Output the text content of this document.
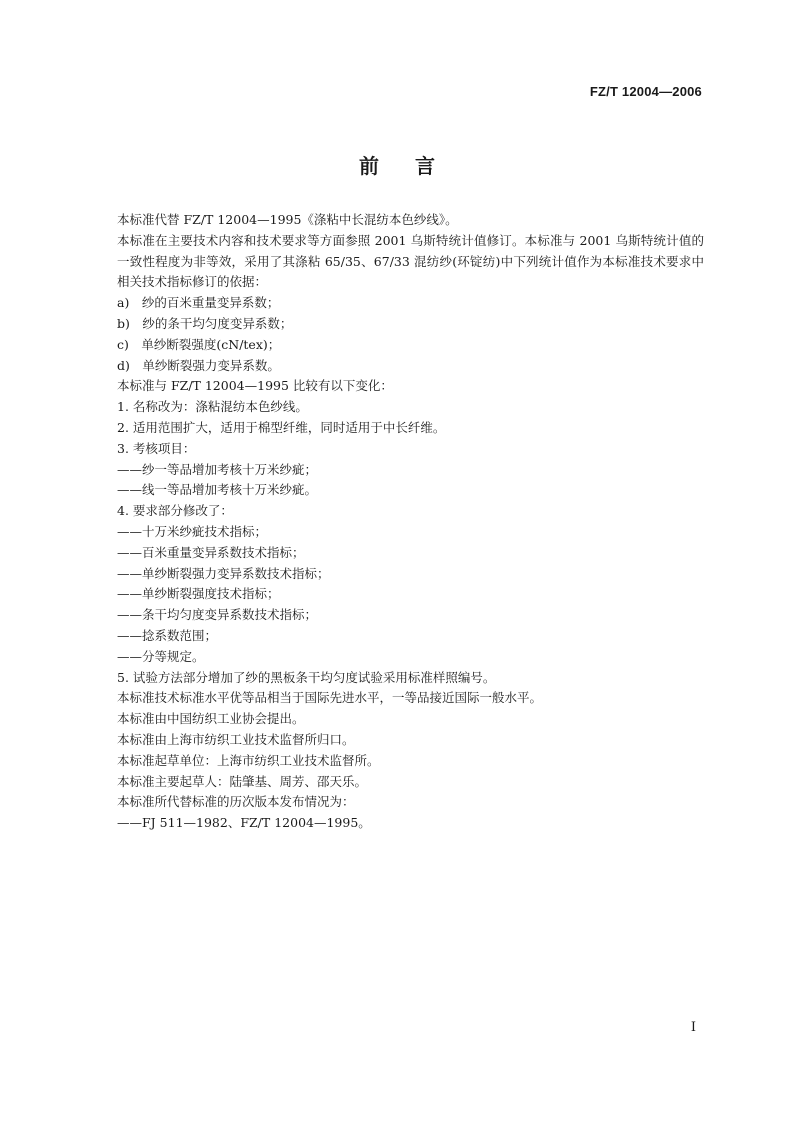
FZ/T 12004—2006
前言

本标准代替 FZ/T 12004—1995《涤粘中长混纺本色纱线》。

本标准在主要技术内容和技术要求等方面参照 2001 乌斯特统计值修订。本标准与 2001 乌斯特统计值的一致性程度为非等效，采用了其涤粘 65/35、67/33 混纺纱(环锭纺)中下列统计值作为本标准技术要求中相关技术指标修订的依据：

a)　纱的百米重量变异系数；

b)　纱的条干均匀度变异系数；

c)　单纱断裂强度(cN/tex)；

d)　单纱断裂强力变异系数。

本标准与 FZ/T 12004—1995 比较有以下变化：

1. 名称改为：涤粘混纺本色纱线。

2. 适用范围扩大，适用于棉型纤维，同时适用于中长纤维。

3. 考核项目：

——纱一等品增加考核十万米纱疵；

——线一等品增加考核十万米纱疵。

4. 要求部分修改了：

——十万米纱疵技术指标；

——百米重量变异系数技术指标；

——单纱断裂强力变异系数技术指标；

——单纱断裂强度技术指标；

——条干均匀度变异系数技术指标；

——捻系数范围；

——分等规定。

5. 试验方法部分增加了纱的黑板条干均匀度试验采用标准样照编号。

本标准技术标准水平优等品相当于国际先进水平，一等品接近国际一般水平。

本标准由中国纺织工业协会提出。

本标准由上海市纺织工业技术监督所归口。

本标准起草单位：上海市纺织工业技术监督所。

本标准主要起草人：陆肇基、周芳、邵天乐。

本标准所代替标准的历次版本发布情况为：

——FJ 511—1982、FZ/T 12004—1995。

I
